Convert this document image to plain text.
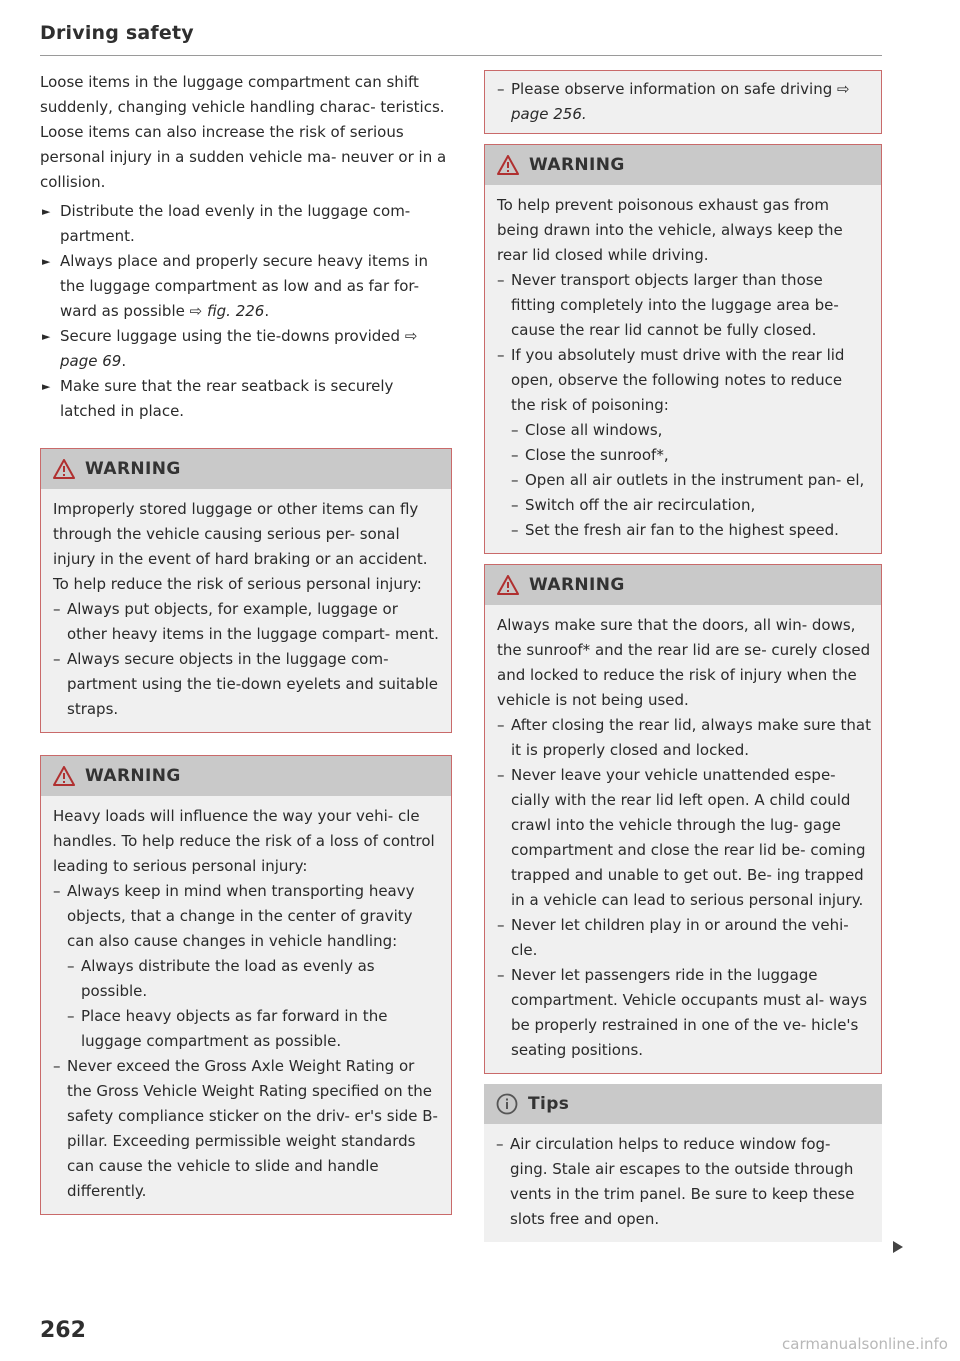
Driving safety

Loose items in the luggage compartment can shift suddenly, changing vehicle handling charac- teristics. Loose items can also increase the risk of serious personal injury in a sudden vehicle ma- neuver or in a collision.

► Distribute the load evenly in the luggage com- partment.
► Always place and properly secure heavy items in the luggage compartment as low and as far for- ward as possible ⇨ fig. 226.
► Secure luggage using the tie-downs provided ⇨ page 69.
► Make sure that the rear seatback is securely latched in place.
WARNING

Improperly stored luggage or other items can fly through the vehicle causing serious per- sonal injury in the event of hard braking or an accident. To help reduce the risk of serious personal injury:

– Always put objects, for example, luggage or other heavy items in the luggage compart- ment.
– Always secure objects in the luggage com- partment using the tie-down eyelets and suitable straps.
WARNING

Heavy loads will influence the way your vehi- cle handles. To help reduce the risk of a loss of control leading to serious personal injury:

– Always keep in mind when transporting heavy objects, that a change in the center of gravity can also cause changes in vehicle handling:
– Always distribute the load as evenly as possible.
– Place heavy objects as far forward in the luggage compartment as possible.
– Never exceed the Gross Axle Weight Rating or the Gross Vehicle Weight Rating specified on the safety compliance sticker on the driv- er's side B-pillar. Exceeding permissible weight standards can cause the vehicle to slide and handle differently.
– Please observe information on safe driving ⇨ page 256.
WARNING

To help prevent poisonous exhaust gas from being drawn into the vehicle, always keep the rear lid closed while driving.

– Never transport objects larger than those fitting completely into the luggage area be- cause the rear lid cannot be fully closed.
– If you absolutely must drive with the rear lid open, observe the following notes to reduce the risk of poisoning:
– Close all windows,
– Close the sunroof*,
– Open all air outlets in the instrument pan- el,
– Switch off the air recirculation,
– Set the fresh air fan to the highest speed.
WARNING

Always make sure that the doors, all win- dows, the sunroof* and the rear lid are se- curely closed and locked to reduce the risk of injury when the vehicle is not being used.

– After closing the rear lid, always make sure that it is properly closed and locked.
– Never leave your vehicle unattended espe- cially with the rear lid left open. A child could crawl into the vehicle through the lug- gage compartment and close the rear lid be- coming trapped and unable to get out. Be- ing trapped in a vehicle can lead to serious personal injury.
– Never let children play in or around the vehi- cle.
– Never let passengers ride in the luggage compartment. Vehicle occupants must al- ways be properly restrained in one of the ve- hicle's seating positions.
Tips
– Air circulation helps to reduce window fog- ging. Stale air escapes to the outside through vents in the trim panel. Be sure to keep these slots free and open.
262
carmanualsonline.info
